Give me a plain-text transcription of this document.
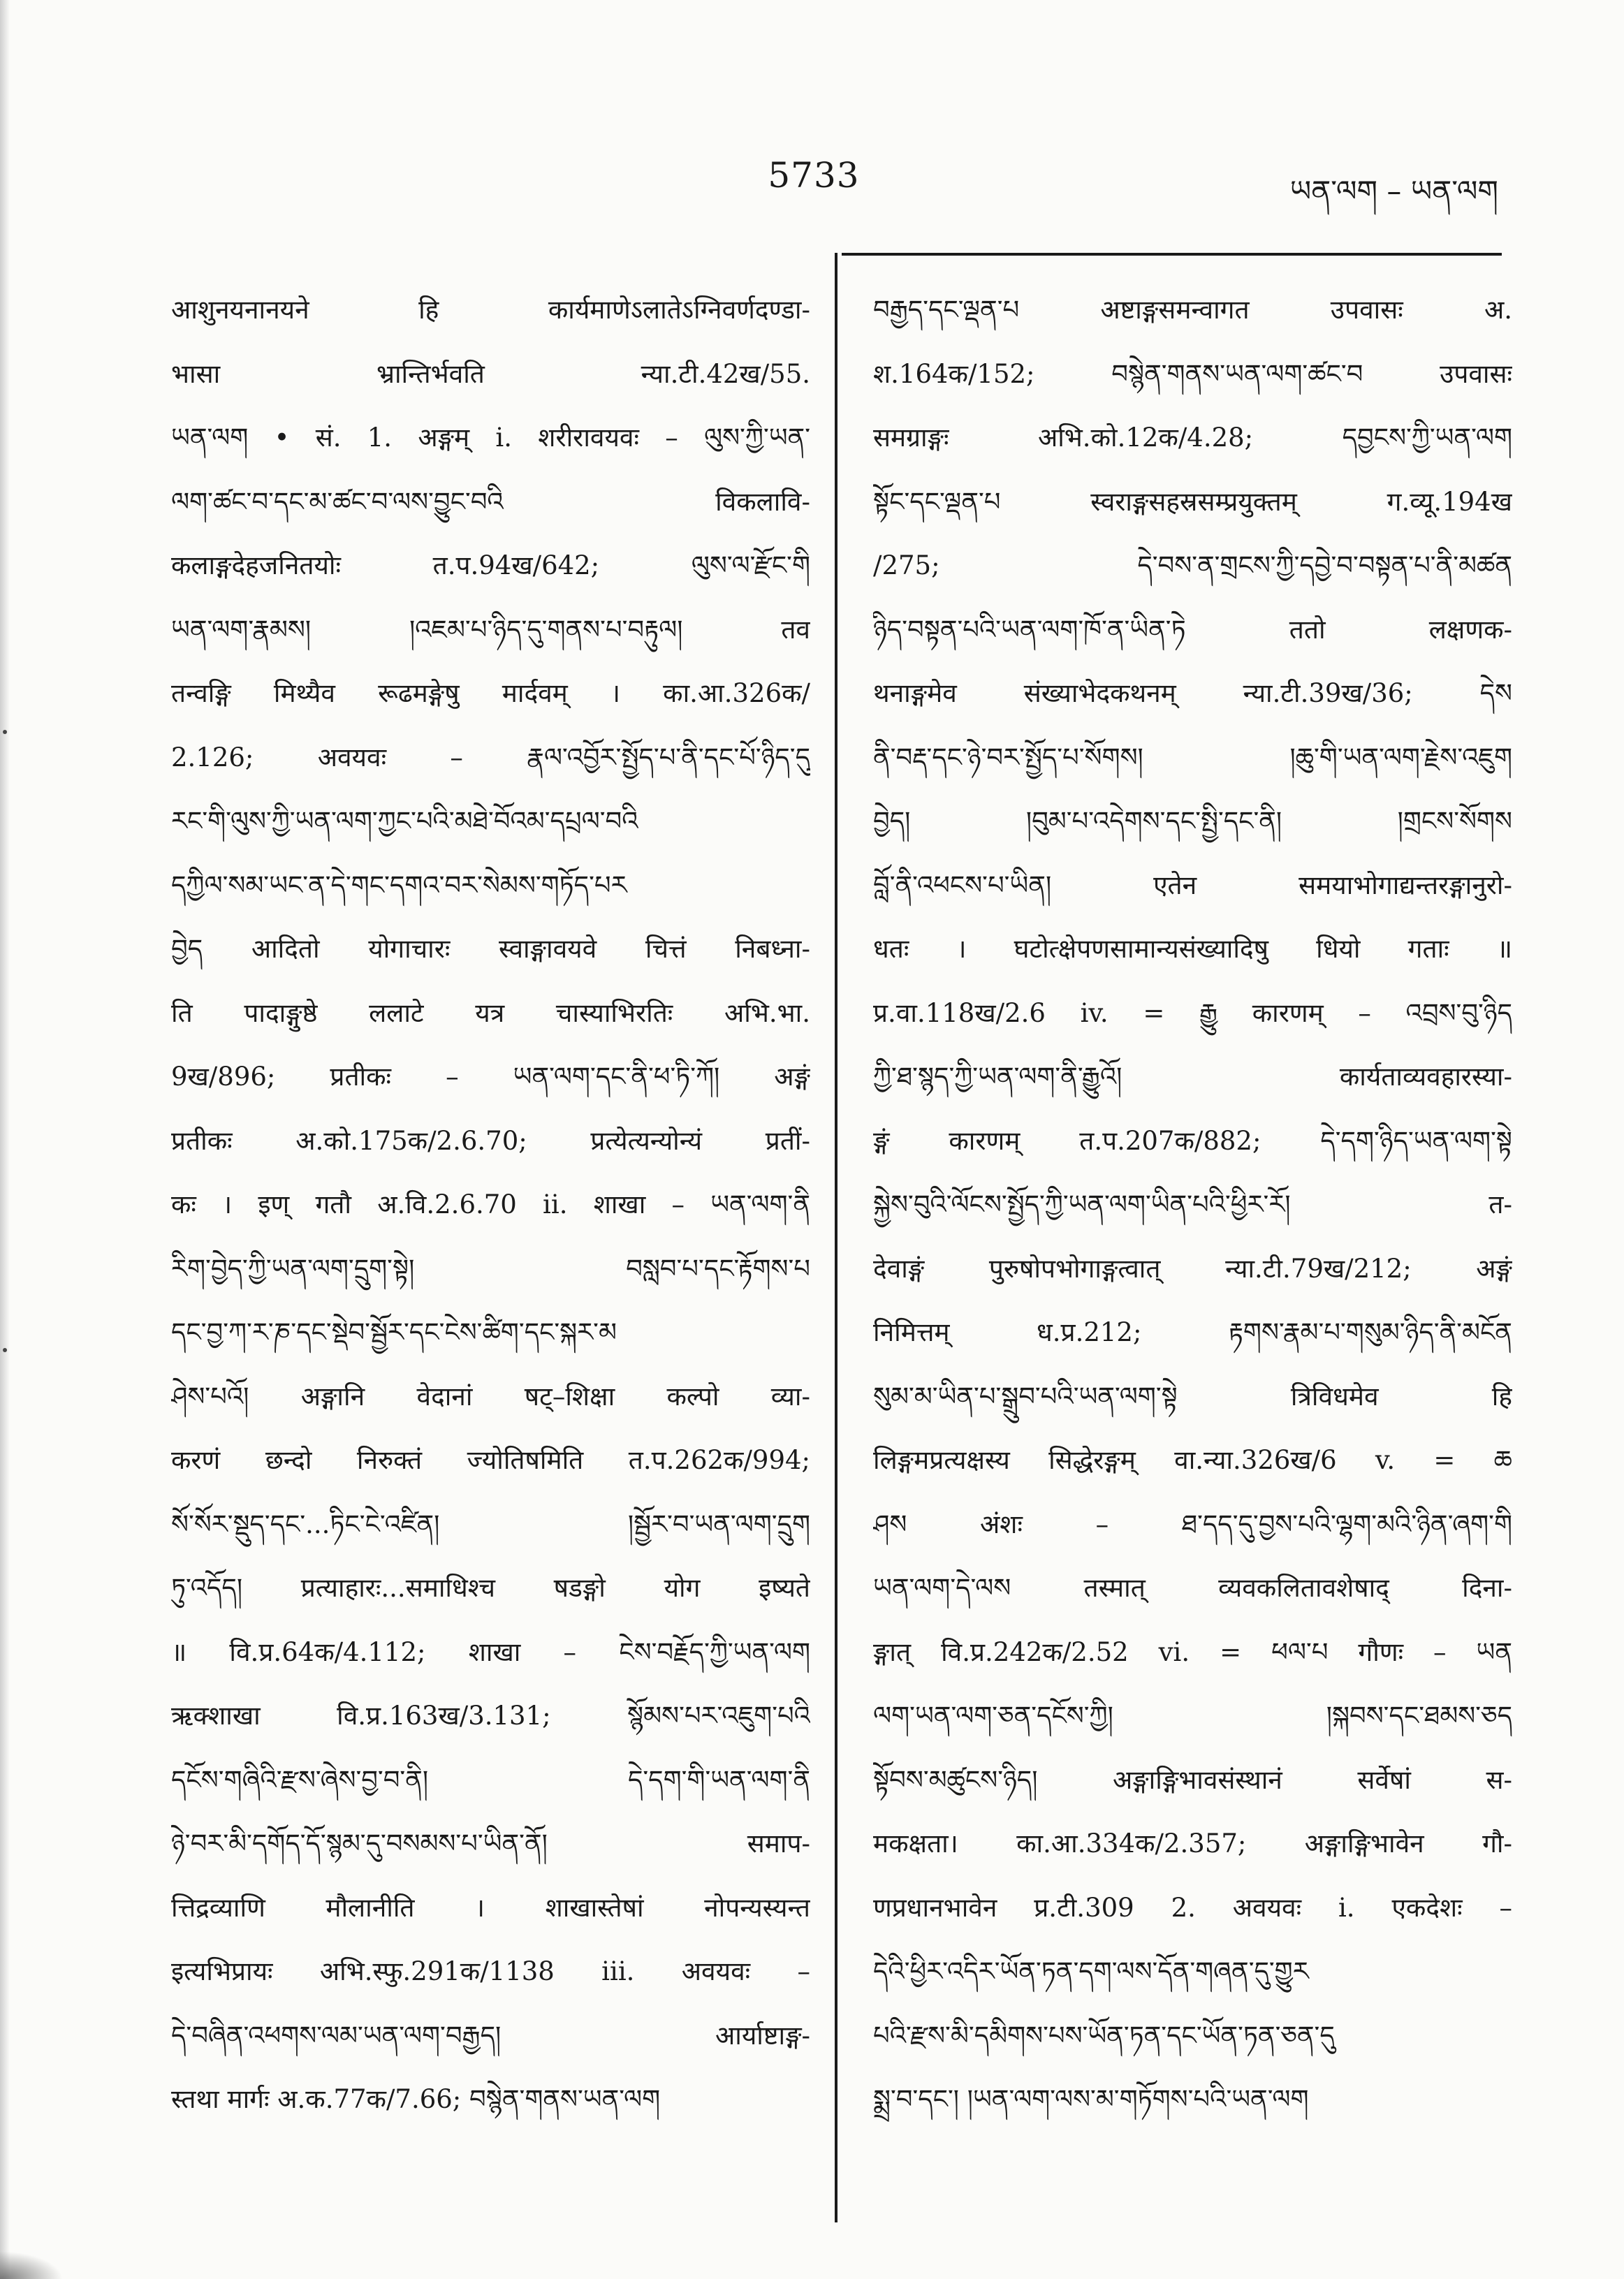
5733	ཡན་ལག – ཡན་ལག
आशुनयनानयने हि कार्यमाणेऽलातेऽग्निवर्णदण्डा-
भासा भ्रान्तिर्भवति न्या.टी.42ख/55.
ཡན་ལག • सं. 1. अङ्गम् i. शरीरावयवः – ལུས་ཀྱི་ཡན་
ལག་ཚང་བ་དང་མ་ཚང་བ་ལས་བྱུང་བའི विकलावि-
कलाङ्गदेहजनितयोः त.प.94ख/642; ལུས་ལ་རྫོང་གི
ཡན་ལག་རྣམས། །འཇམ་པ་ཉིད་དུ་གནས་པ་བརྟུལ། तव
तन्वङ्गि मिथ्यैव रूढमङ्गेषु मार्दवम् । का.आ.326क/
2.126; अवयवः – རྣལ་འབྱོར་སྤྱོད་པ་ནི་དང་པོ་ཉིད་དུ
རང་གི་ལུས་ཀྱི་ཡན་ལག་ཀྱང་པའི་མཐེ་བོའམ་དཔྲལ་བའི
དཀྱིལ་སམ་ཡང་ན་དེ་གང་དགའ་བར་སེམས་གཏོད་པར
བྱེད आदितो योगाचारः स्वाङ्गावयवे चित्तं निबध्ना-
ति पादाङ्गुष्ठे ललाटे यत्र चास्याभिरतिः अभि.भा.
9ख/896; प्रतीकः – ཡན་ལག་དང་ནི་ཕ་ཏི་ཀོ། अङ्गं
प्रतीकः अ.को.175क/2.6.70; प्रत्येत्यन्योन्यं प्रतीं-
कः । इण् गतौ अ.वि.2.6.70 ii. शाखा – ཡན་ལག་ནི
རིག་བྱེད་ཀྱི་ཡན་ལག་དྲུག་སྟེ། བསླབ་པ་དང་རྟོགས་པ
དང་བྱ་ཀ་ར་ཎ་དང་སྡེབ་སྦྱོར་དང་ངེས་ཚིག་དང་སྐར་མ
ཤེས་པའོ། अङ्गानि वेदानां षट्–शिक्षा कल्पो व्या-
करणं छन्दो निरुक्तं ज्योतिषमिति त.प.262क/994;
སོ་སོར་སྡུད་དང་...ཏིང་ངེ་འཛིན། །སྦྱོར་བ་ཡན་ལག་དྲུག
ཏུ་འདོད། प्रत्याहारः...समाधिश्च षडङ्गो योग इष्यते
॥ वि.प्र.64क/4.112; शाखा – ངེས་བརྗོད་ཀྱི་ཡན་ལག
ऋक्शाखा वि.प्र.163ख/3.131; སྙོམས་པར་འཇུག་པའི
དངོས་གཞིའི་རྫས་ཞེས་བྱ་བ་ནི། དེ་དག་གི་ཡན་ལག་ནི
ཉེ་བར་མི་དགོད་དོ་སྙམ་དུ་བསམས་པ་ཡིན་ནོ། समाप-
त्तिद्रव्याणि मौलानीति । शाखास्तेषां नोपन्यस्यन्त
इत्यभिप्रायः अभि.स्फु.291क/1138 iii. अवयवः –
དེ་བཞིན་འཕགས་ལམ་ཡན་ལག་བརྒྱད། आर्याष्टाङ्ग-
स्तथा मार्गः अ.क.77क/7.66; བསྙེན་གནས་ཡན་ལག
བརྒྱད་དང་ལྡན་པ अष्टाङ्गसमन्वागत उपवासः अ.
श.164क/152; བསྙེན་གནས་ཡན་ལག་ཚང་བ उपवासः
समग्राङ्गः अभि.को.12क/4.28; དབྱངས་ཀྱི་ཡན་ལག
སྟོང་དང་ལྡན་པ स्वराङ्गसहस्रसम्प्रयुक्तम् ग.व्यू.194ख
/275; དེ་བས་ན་གྲངས་ཀྱི་དབྱེ་བ་བསྟན་པ་ནི་མཚན
ཉིད་བསྟན་པའི་ཡན་ལག་ཁོ་ན་ཡིན་ཏེ ततो लक्षणक-
थनाङ्गमेव संख्याभेदकथनम् न्या.टी.39ख/36; དེས
ནི་བརྡ་དང་ཉེ་བར་སྤྱོད་པ་སོགས། །ཆུ་གི་ཡན་ལག་རྗེས་འཇུག
བྱེད། །བུམ་པ་འདེགས་དང་སྤྱི་དང་ནི། །གྲངས་སོགས
བློ་ནི་འཕངས་པ་ཡིན། एतेन समयाभोगाद्यन्तरङ्गानुरो-
धतः । घटोत्क्षेपणसामान्यसंख्यादिषु धियो गताः ॥
प्र.वा.118ख/2.6 iv. = རྒྱུ कारणम् – འབྲས་བུ་ཉིད
ཀྱི་ཐ་སྙད་ཀྱི་ཡན་ལག་ནི་རྒྱུའོ། कार्यताव्यवहारस्या-
ङ्गं कारणम् त.प.207क/882; དེ་དག་ཉིད་ཡན་ལག་སྟེ
སྐྱེས་བུའི་ལོངས་སྤྱོད་ཀྱི་ཡན་ལག་ཡིན་པའི་ཕྱིར་རོ། त-
देवाङ्गं पुरुषोपभोगाङ्गत्वात् न्या.टी.79ख/212; अङ्गं
निमित्तम् ध.प्र.212; རྟགས་རྣམ་པ་གསུམ་ཉིད་ནི་མངོན
སུམ་མ་ཡིན་པ་སྒྲུབ་པའི་ཡན་ལག་སྟེ त्रिविधमेव हि
लिङ्गमप्रत्यक्षस्य सिद्धेरङ्गम् वा.न्या.326ख/6 v. = ཆ
ཤས अंशः – ཐ་དད་དུ་བྱས་པའི་ལྷག་མའི་ཉིན་ཞག་གི
ཡན་ལག་དེ་ལས तस्मात् व्यवकलितावशेषाद् दिना-
ङ्गात् वि.प्र.242क/2.52 vi. = ཕལ་པ गौणः – ཡན
ལག་ཡན་ལག་ཅན་དངོས་ཀྱི། །སྐབས་དང་ཐམས་ཅད
སྟོབས་མཚུངས་ཉིད། अङ्गाङ्गिभावसंस्थानं सर्वेषां स-
मकक्षता। का.आ.334क/2.357; अङ्गाङ्गिभावेन गौ-
णप्रधानभावेन प्र.टी.309 2. अवयवः i. एकदेशः –
དེའི་ཕྱིར་འདིར་ཡོན་ཏན་དག་ལས་དོན་གཞན་དུ་གྱུར
པའི་རྫས་མི་དམིགས་པས་ཡོན་ཏན་དང་ཡོན་ཏན་ཅན་དུ
སྨྲ་བ་དང་། །ཡན་ལག་ལས་མ་གཏོགས་པའི་ཡན་ལག
